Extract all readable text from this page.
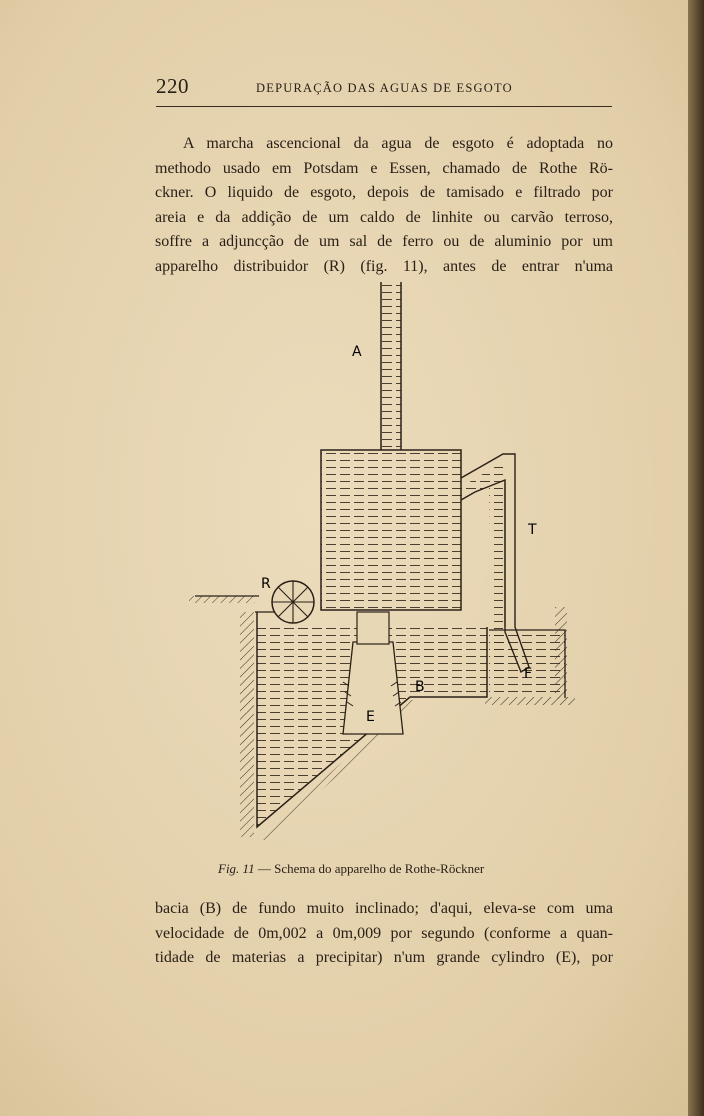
220	DEPURAÇÃO DAS AGUAS DE ESGOTO
A marcha ascencional da agua de esgoto é adoptada no
methodo usado em Potsdam e Essen, chamado de Rothe Rö-
ckner. O liquido de esgoto, depois de tamisado e filtrado por
areia e da addição de um caldo de linhite ou carvão terroso,
soffre a adjuncção de um sal de ferro ou de aluminio por um
apparelho distribuidor (R) (fig. 11), antes de entrar n'uma
A
T
R
B
E
F
Fig. 11 — Schema do apparelho de Rothe-Röckner
bacia (B) de fundo muito inclinado; d'aqui, eleva-se com uma
velocidade de 0m,002 a 0m,009 por segundo (conforme a quan-
tidade de materias a precipitar) n'um grande cylindro (E), por
